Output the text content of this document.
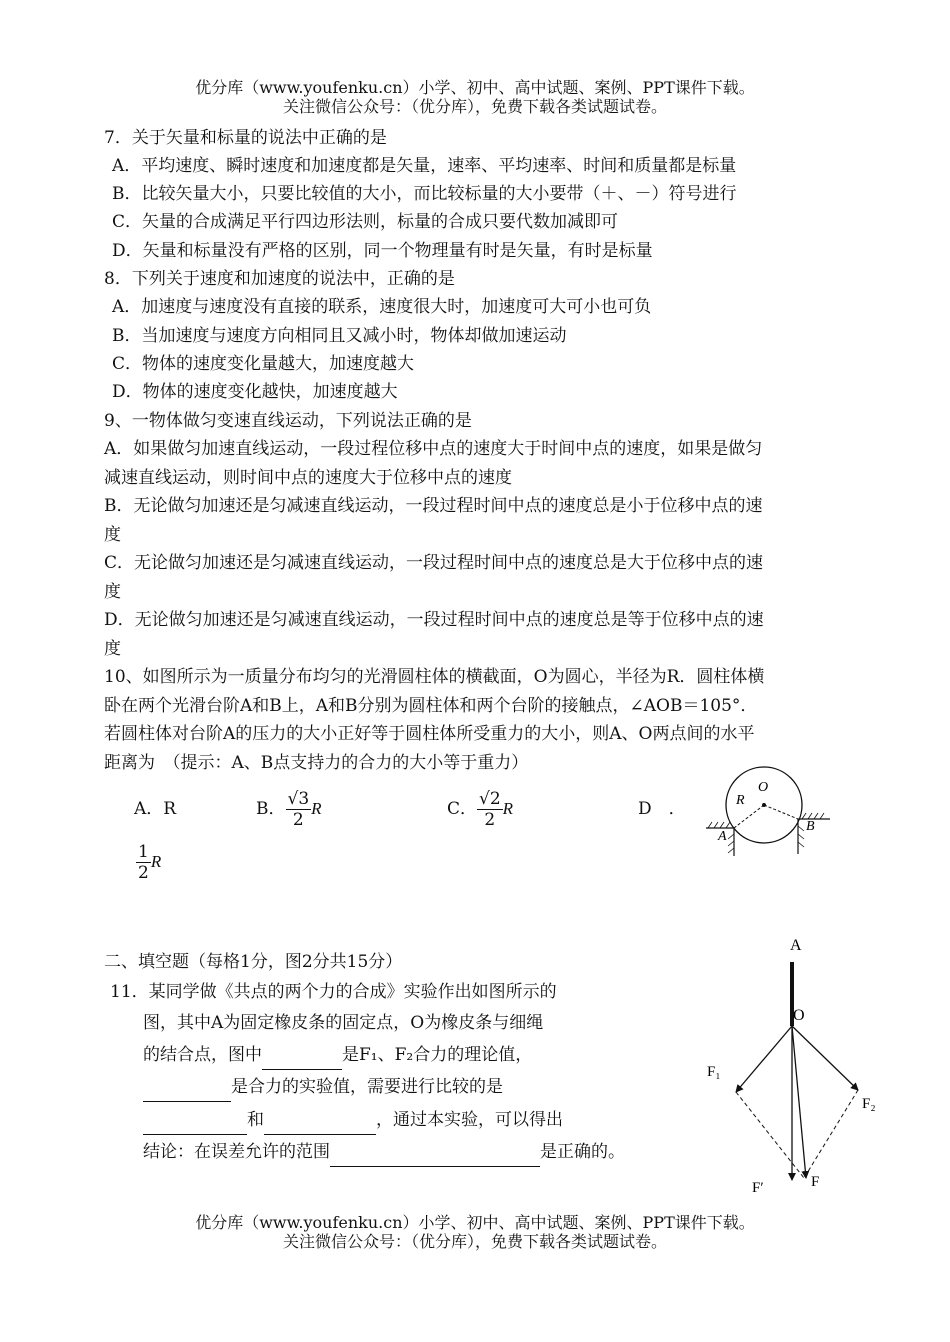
优分库（www.youfenku.cn）小学、初中、高中试题、案例、PPT课件下载。
关注微信公众号：（优分库），免费下载各类试题试卷。
7．关于矢量和标量的说法中正确的是
A．平均速度、瞬时速度和加速度都是矢量，速率、平均速率、时间和质量都是标量
B．比较矢量大小，只要比较值的大小，而比较标量的大小要带（＋、－）符号进行
C．矢量的合成满足平行四边形法则，标量的合成只要代数加减即可
D．矢量和标量没有严格的区别，同一个物理量有时是矢量，有时是标量
8．下列关于速度和加速度的说法中，正确的是
A．加速度与速度没有直接的联系，速度很大时，加速度可大可小也可负
B．当加速度与速度方向相同且又减小时，物体却做加速运动
C．物体的速度变化量越大，加速度越大
D．物体的速度变化越快，加速度越大
9、一物体做匀变速直线运动，下列说法正确的是
A．如果做匀加速直线运动，一段过程位移中点的速度大于时间中点的速度，如果是做匀
减速直线运动，则时间中点的速度大于位移中点的速度
B．无论做匀加速还是匀减速直线运动，一段过程时间中点的速度总是小于位移中点的速
度
C．无论做匀加速还是匀减速直线运动，一段过程时间中点的速度总是大于位移中点的速
度
D．无论做匀加速还是匀减速直线运动，一段过程时间中点的速度总是等于位移中点的速
度
10、如图所示为一质量分布均匀的光滑圆柱体的横截面，O为圆心，半径为R．圆柱体横
卧在两个光滑台阶A和B上，A和B分别为圆柱体和两个台阶的接触点，∠AOB＝105°．
若圆柱体对台阶A的压力的大小正好等于圆柱体所受重力的大小，则A、O两点间的水平
距离为　（提示：A、B点支持力的合力的大小等于重力）
A．R	B． $\frac{√3}{2}$ R	C． $\frac{√2}{2}$ R	D　．
$\frac{1}{2}$ R
O
R
A
B
二、填空题（每格1分，图2分共15分）
11．某同学做《共点的两个力的合成》实验作出如图所示的
图，其中A为固定橡皮条的固定点，O为橡皮条与细绳
的结合点，图中	是F₁、F₂合力的理论值，
是合力的实验值，需要进行比较的是
和	，通过本实验，可以得出
结论：在误差允许的范围	是正确的。
A
O
F₁
F₂
F′	F
优分库（www.youfenku.cn）小学、初中、高中试题、案例、PPT课件下载。
关注微信公众号：（优分库），免费下载各类试题试卷。
